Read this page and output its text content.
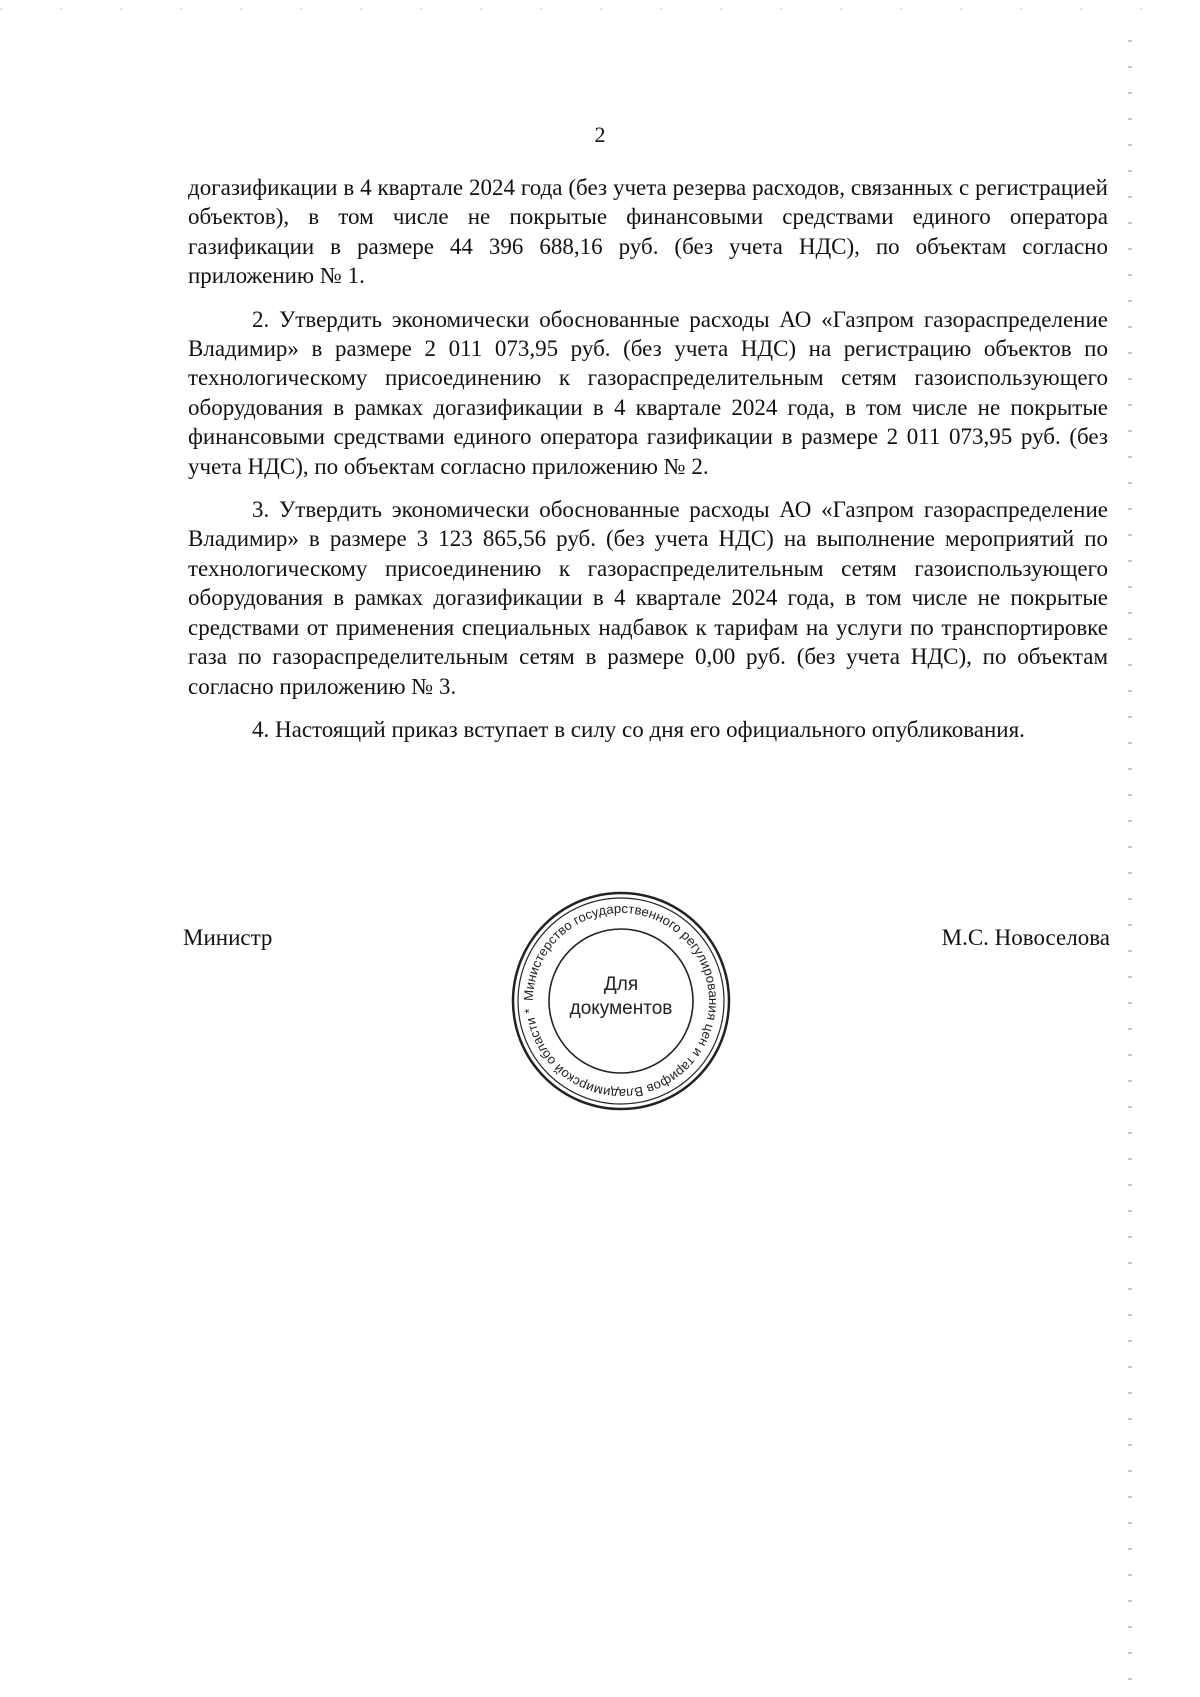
2

догазификации в 4 квартале 2024 года (без учета резерва расходов, связанных с регистрацией объектов), в том числе не покрытые финансовыми средствами единого оператора газификации в размере 44 396 688,16 руб. (без учета НДС), по объектам согласно приложению № 1.

2. Утвердить экономически обоснованные расходы АО «Газпром газораспределение Владимир» в размере 2 011 073,95 руб. (без учета НДС) на регистрацию объектов по технологическому присоединению к газораспределительным сетям газоиспользующего оборудования в рамках догазификации в 4 квартале 2024 года, в том числе не покрытые финансовыми средствами единого оператора газификации в размере 2 011 073,95 руб. (без учета НДС), по объектам согласно приложению № 2.

3. Утвердить экономически обоснованные расходы АО «Газпром газораспределение Владимир» в размере 3 123 865,56 руб. (без учета НДС) на выполнение мероприятий по технологическому присоединению к газораспределительным сетям газоиспользующего оборудования в рамках догазификации в 4 квартале 2024 года, в том числе не покрытые средствами от применения специальных надбавок к тарифам на услуги по транспортировке газа по газораспределительным сетям в размере 0,00 руб. (без учета НДС), по объектам согласно приложению № 3.

4. Настоящий приказ вступает в силу со дня его официального опубликования.

Министр	М.С. Новоселова
Министерство государственного регулирования цен и тарифов Владимирской области *
Для
документов
